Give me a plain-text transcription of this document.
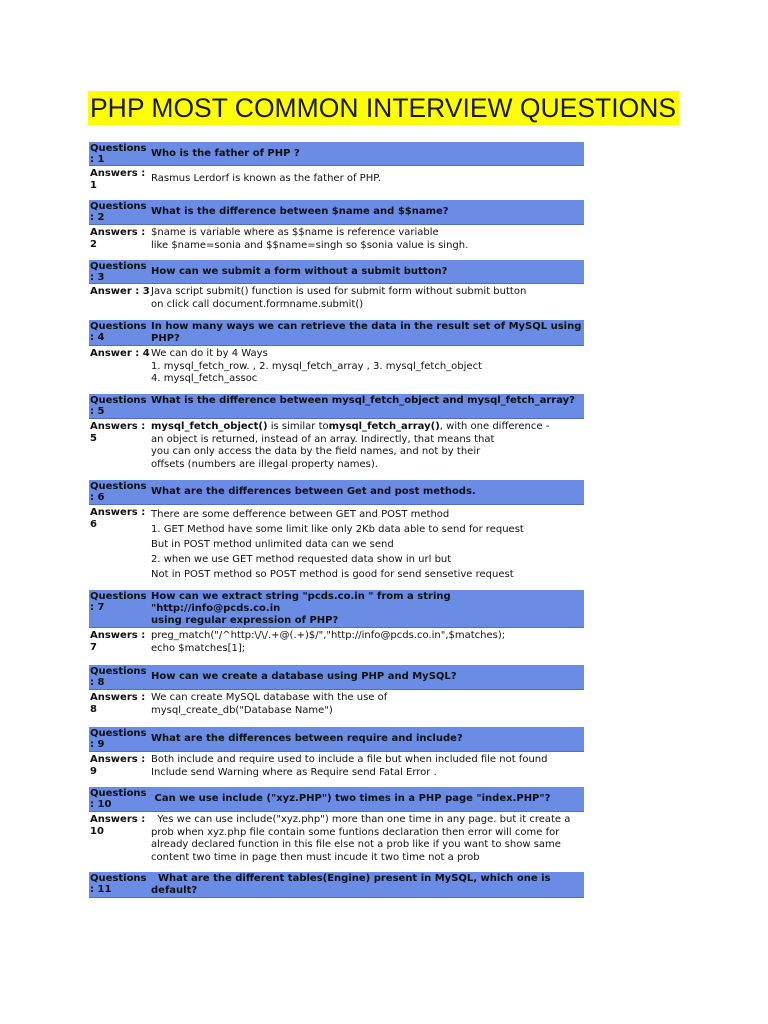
PHP MOST COMMON INTERVIEW QUESTIONS
Questions : 1
Who is the father of PHP ?
Answers : 1
Rasmus Lerdorf is known as the father of PHP.
Questions : 2
What is the difference between $name and $$name?
Answers : 2
$name is variable where as $$name is reference variable
like $name=sonia and $$name=singh so $sonia value is singh.
Questions : 3
How can we submit a form without a submit button?
Answer : 3 Java script submit() function is used for submit form without submit button
on click call document.formname.submit()
Questions : 4
In how many ways we can retrieve the data in the result set of MySQL using PHP?
Answer : 4 We can do it by 4 Ways
1. mysql_fetch_row. , 2. mysql_fetch_array , 3. mysql_fetch_object
4. mysql_fetch_assoc
Questions : 5
What is the difference between mysql_fetch_object and mysql_fetch_array?
Answers : 5
mysql_fetch_object() is similar tomysql_fetch_array(), with one difference -
an object is returned, instead of an array. Indirectly, that means that
you can only access the data by the field names, and not by their
offsets (numbers are illegal property names).
Questions : 6
What are the differences between Get and post methods.
Answers : 6
There are some defference between GET and POST method
1. GET Method have some limit like only 2Kb data able to send for request
But in POST method unlimited data can we send
2. when we use GET method requested data show in url but
Not in POST method so POST method is good for send sensetive request
Questions : 7
How can we extract string "pcds.co.in " from a string
"http://info@pcds.co.in
using regular expression of PHP?
Answers : 7
preg_match("/^http:\/\/.+@(.+)$/","http://info@pcds.co.in",$matches);
echo $matches[1];
Questions : 8
How can we create a database using PHP and MySQL?
Answers : 8
We can create MySQL database with the use of
mysql_create_db("Database Name")
Questions : 9
What are the differences between require and include?
Answers : 9
Both include and require used to include a file but when included file not found
Include send Warning where as Require send Fatal Error .
Questions : 10
Can we use include ("xyz.PHP") two times in a PHP page "index.PHP"?
Answers : 10
Yes we can use include("xyz.php") more than one time in any page. but it create a
prob when xyz.php file contain some funtions declaration then error will come for
already declared function in this file else not a prob like if you want to show same
content two time in page then must incude it two time not a prob
Questions : 11
What are the different tables(Engine) present in MySQL, which one is default?
